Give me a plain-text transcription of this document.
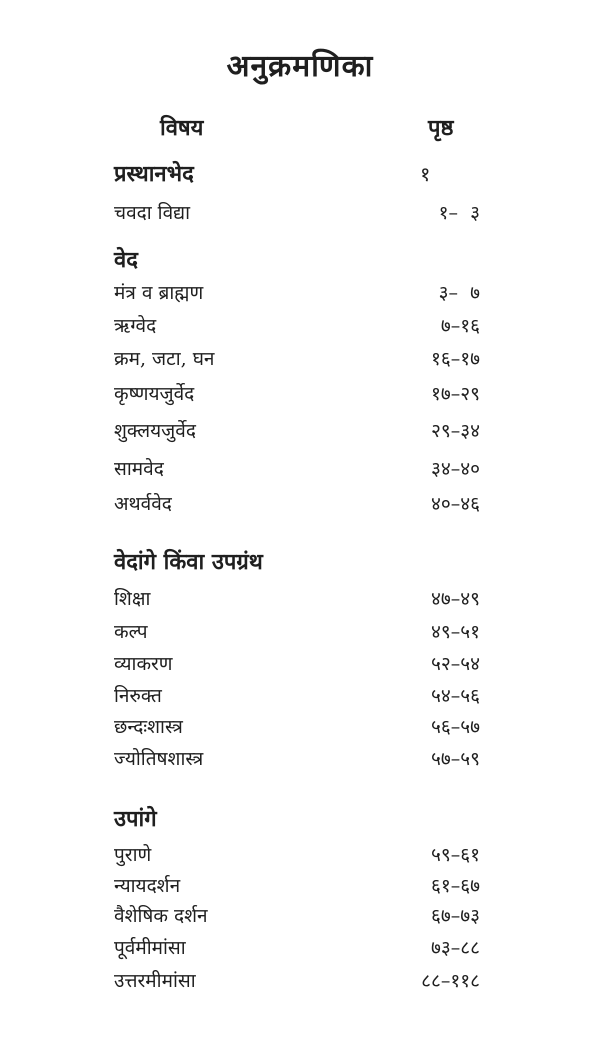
अनुक्रमणिका
विषय	पृष्ठ
प्रस्थानभेद	१
चवदा विद्या	१–  ३
वेद
मंत्र व ब्राह्मण	३–  ७
ऋग्वेद	७–१६
क्रम, जटा, घन	१६–१७
कृष्णयजुर्वेद	१७–२९
शुक्लयजुर्वेद	२९–३४
सामवेद	३४–४०
अथर्ववेद	४०–४६
वेदांगे किंवा उपग्रंथ
शिक्षा	४७–४९
कल्प	४९–५१
व्याकरण	५२–५४
निरुक्त	५४–५६
छन्दःशास्त्र	५६–५७
ज्योतिषशास्त्र	५७–५९
उपांगे
पुराणे	५९–६१
न्यायदर्शन	६१–६७
वैशेषिक दर्शन	६७–७३
पूर्वमीमांसा	७३–८८
उत्तरमीमांसा	८८–११८
